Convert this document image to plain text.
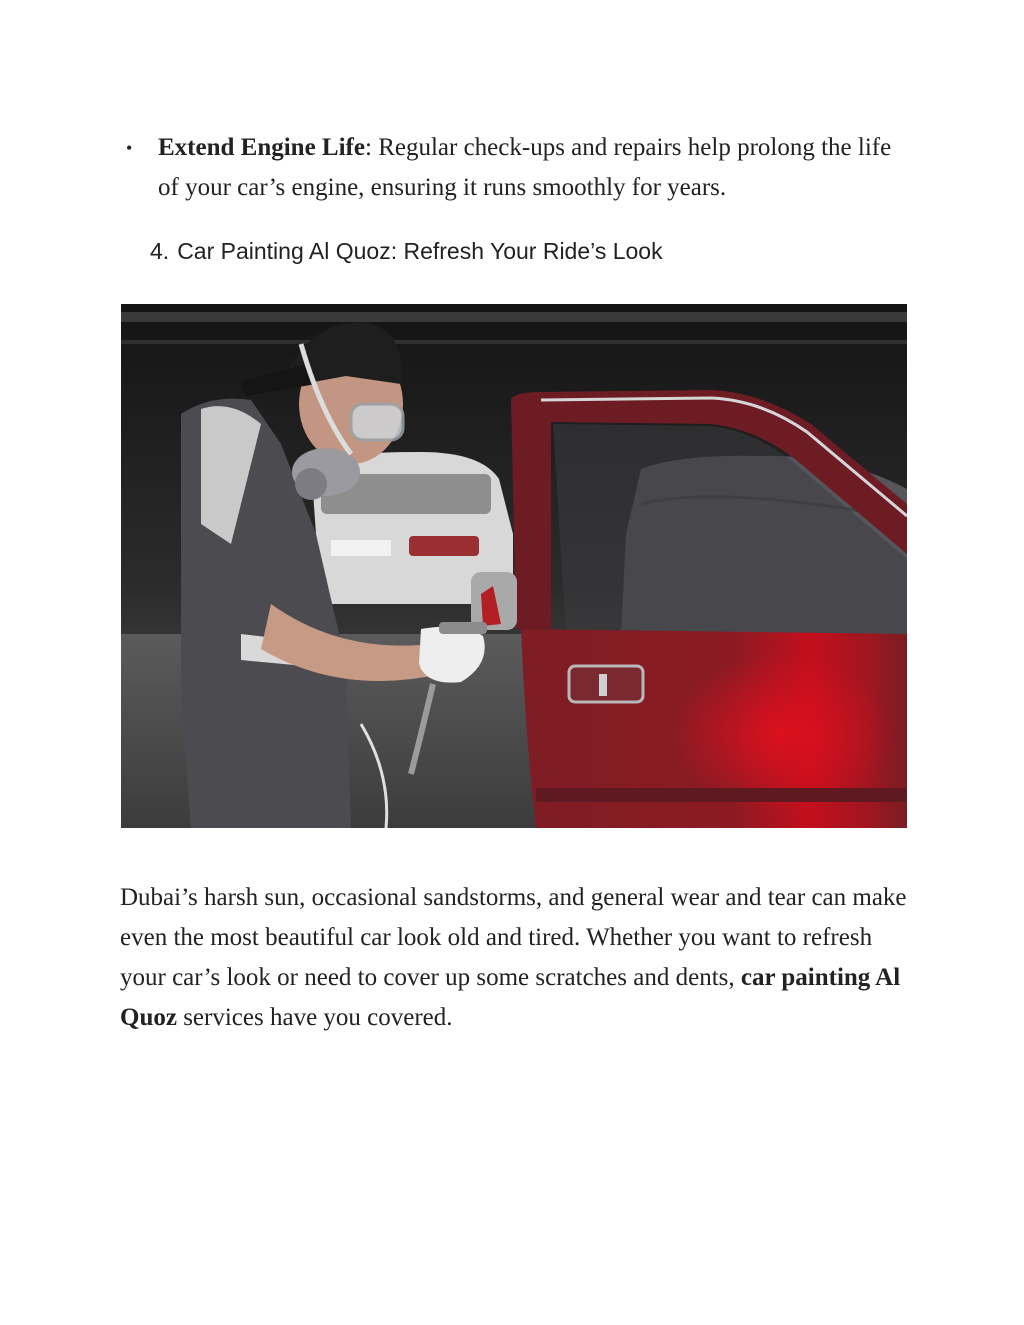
• Extend Engine Life: Regular check-ups and repairs help prolong the life of your car’s engine, ensuring it runs smoothly for years.
4. Car Painting Al Quoz: Refresh Your Ride’s Look

Dubai’s harsh sun, occasional sandstorms, and general wear and tear can make even the most beautiful car look old and tired. Whether you want to refresh your car’s look or need to cover up some scratches and dents, car painting Al Quoz services have you covered.
